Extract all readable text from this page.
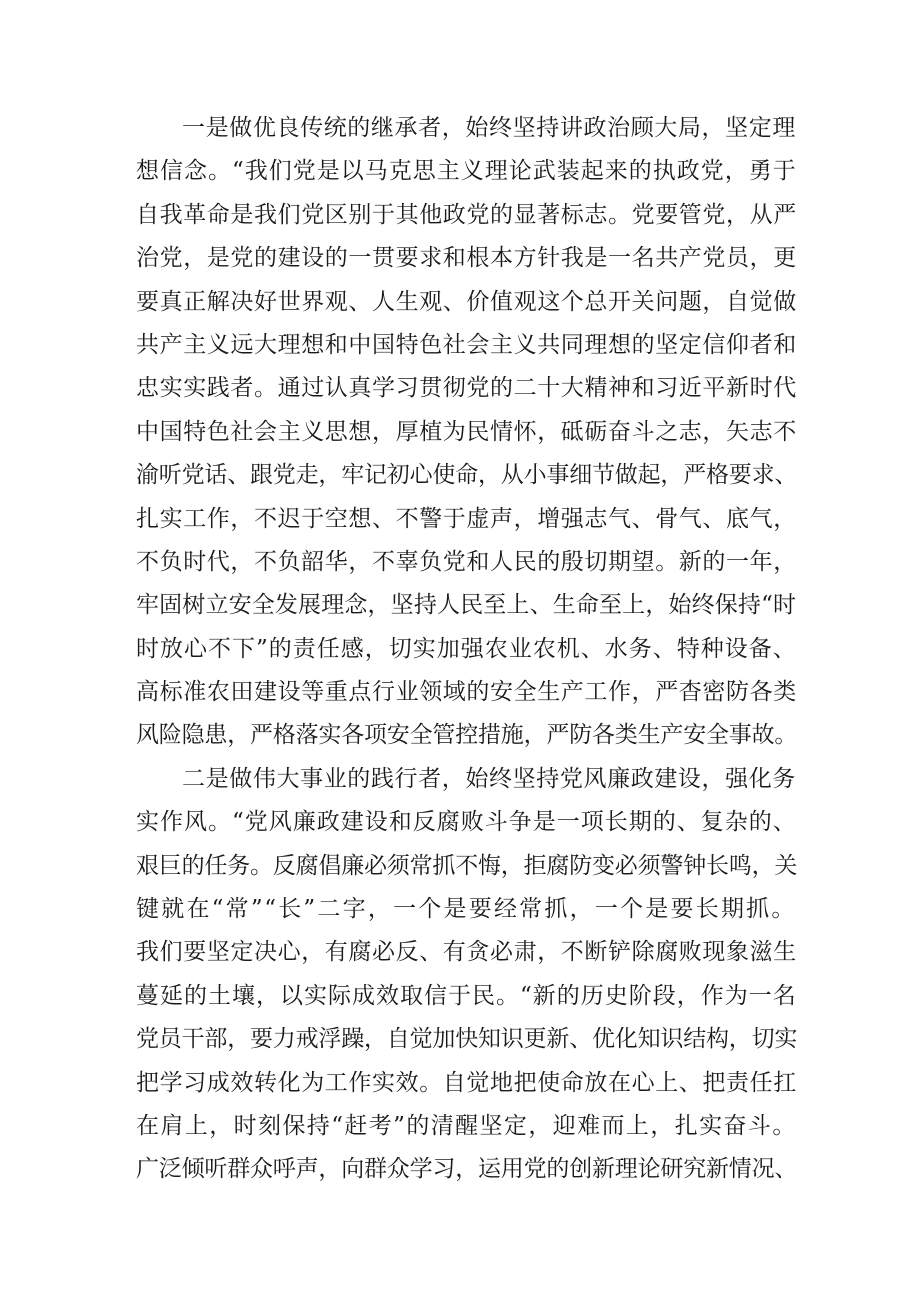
一是做优良传统的继承者，始终坚持讲政治顾大局，坚定理
想信念。“我们党是以马克思主义理论武装起来的执政党，勇于
自我革命是我们党区别于其他政党的显著标志。党要管党，从严
治党，是党的建设的一贯要求和根本方针我是一名共产党员，更
要真正解决好世界观、人生观、价值观这个总开关问题，自觉做
共产主义远大理想和中国特色社会主义共同理想的坚定信仰者和
忠实实践者。通过认真学习贯彻党的二十大精神和习近平新时代
中国特色社会主义思想，厚植为民情怀，砥砺奋斗之志，矢志不
渝听党话、跟党走，牢记初心使命，从小事细节做起，严格要求、
扎实工作，不迟于空想、不警于虚声，增强志气、骨气、底气，
不负时代，不负韶华，不辜负党和人民的殷切期望。新的一年，
牢固树立安全发展理念，坚持人民至上、生命至上，始终保持“时
时放心不下”的责任感，切实加强农业农机、水务、特种设备、
高标准农田建设等重点行业领域的安全生产工作，严杳密防各类
风险隐患，严格落实各项安全管控措施，严防各类生产安全事故。
二是做伟大事业的践行者，始终坚持党风廉政建设，强化务
实作风。“党风廉政建设和反腐败斗争是一项长期的、复杂的、
艰巨的任务。反腐倡廉必须常抓不悔，拒腐防变必须警钟长鸣，关
键就在“常”“长”二字，一个是要经常抓，一个是要长期抓。
我们要坚定决心，有腐必反、有贪必肃，不断铲除腐败现象滋生
蔓延的土壤，以实际成效取信于民。“新的历史阶段，作为一名
党员干部，要力戒浮躁，自觉加快知识更新、优化知识结构，切实
把学习成效转化为工作实效。自觉地把使命放在心上、把责任扛
在肩上，时刻保持“赶考”的清醒坚定，迎难而上，扎实奋斗。
广泛倾听群众呼声，向群众学习，运用党的创新理论研究新情况、
